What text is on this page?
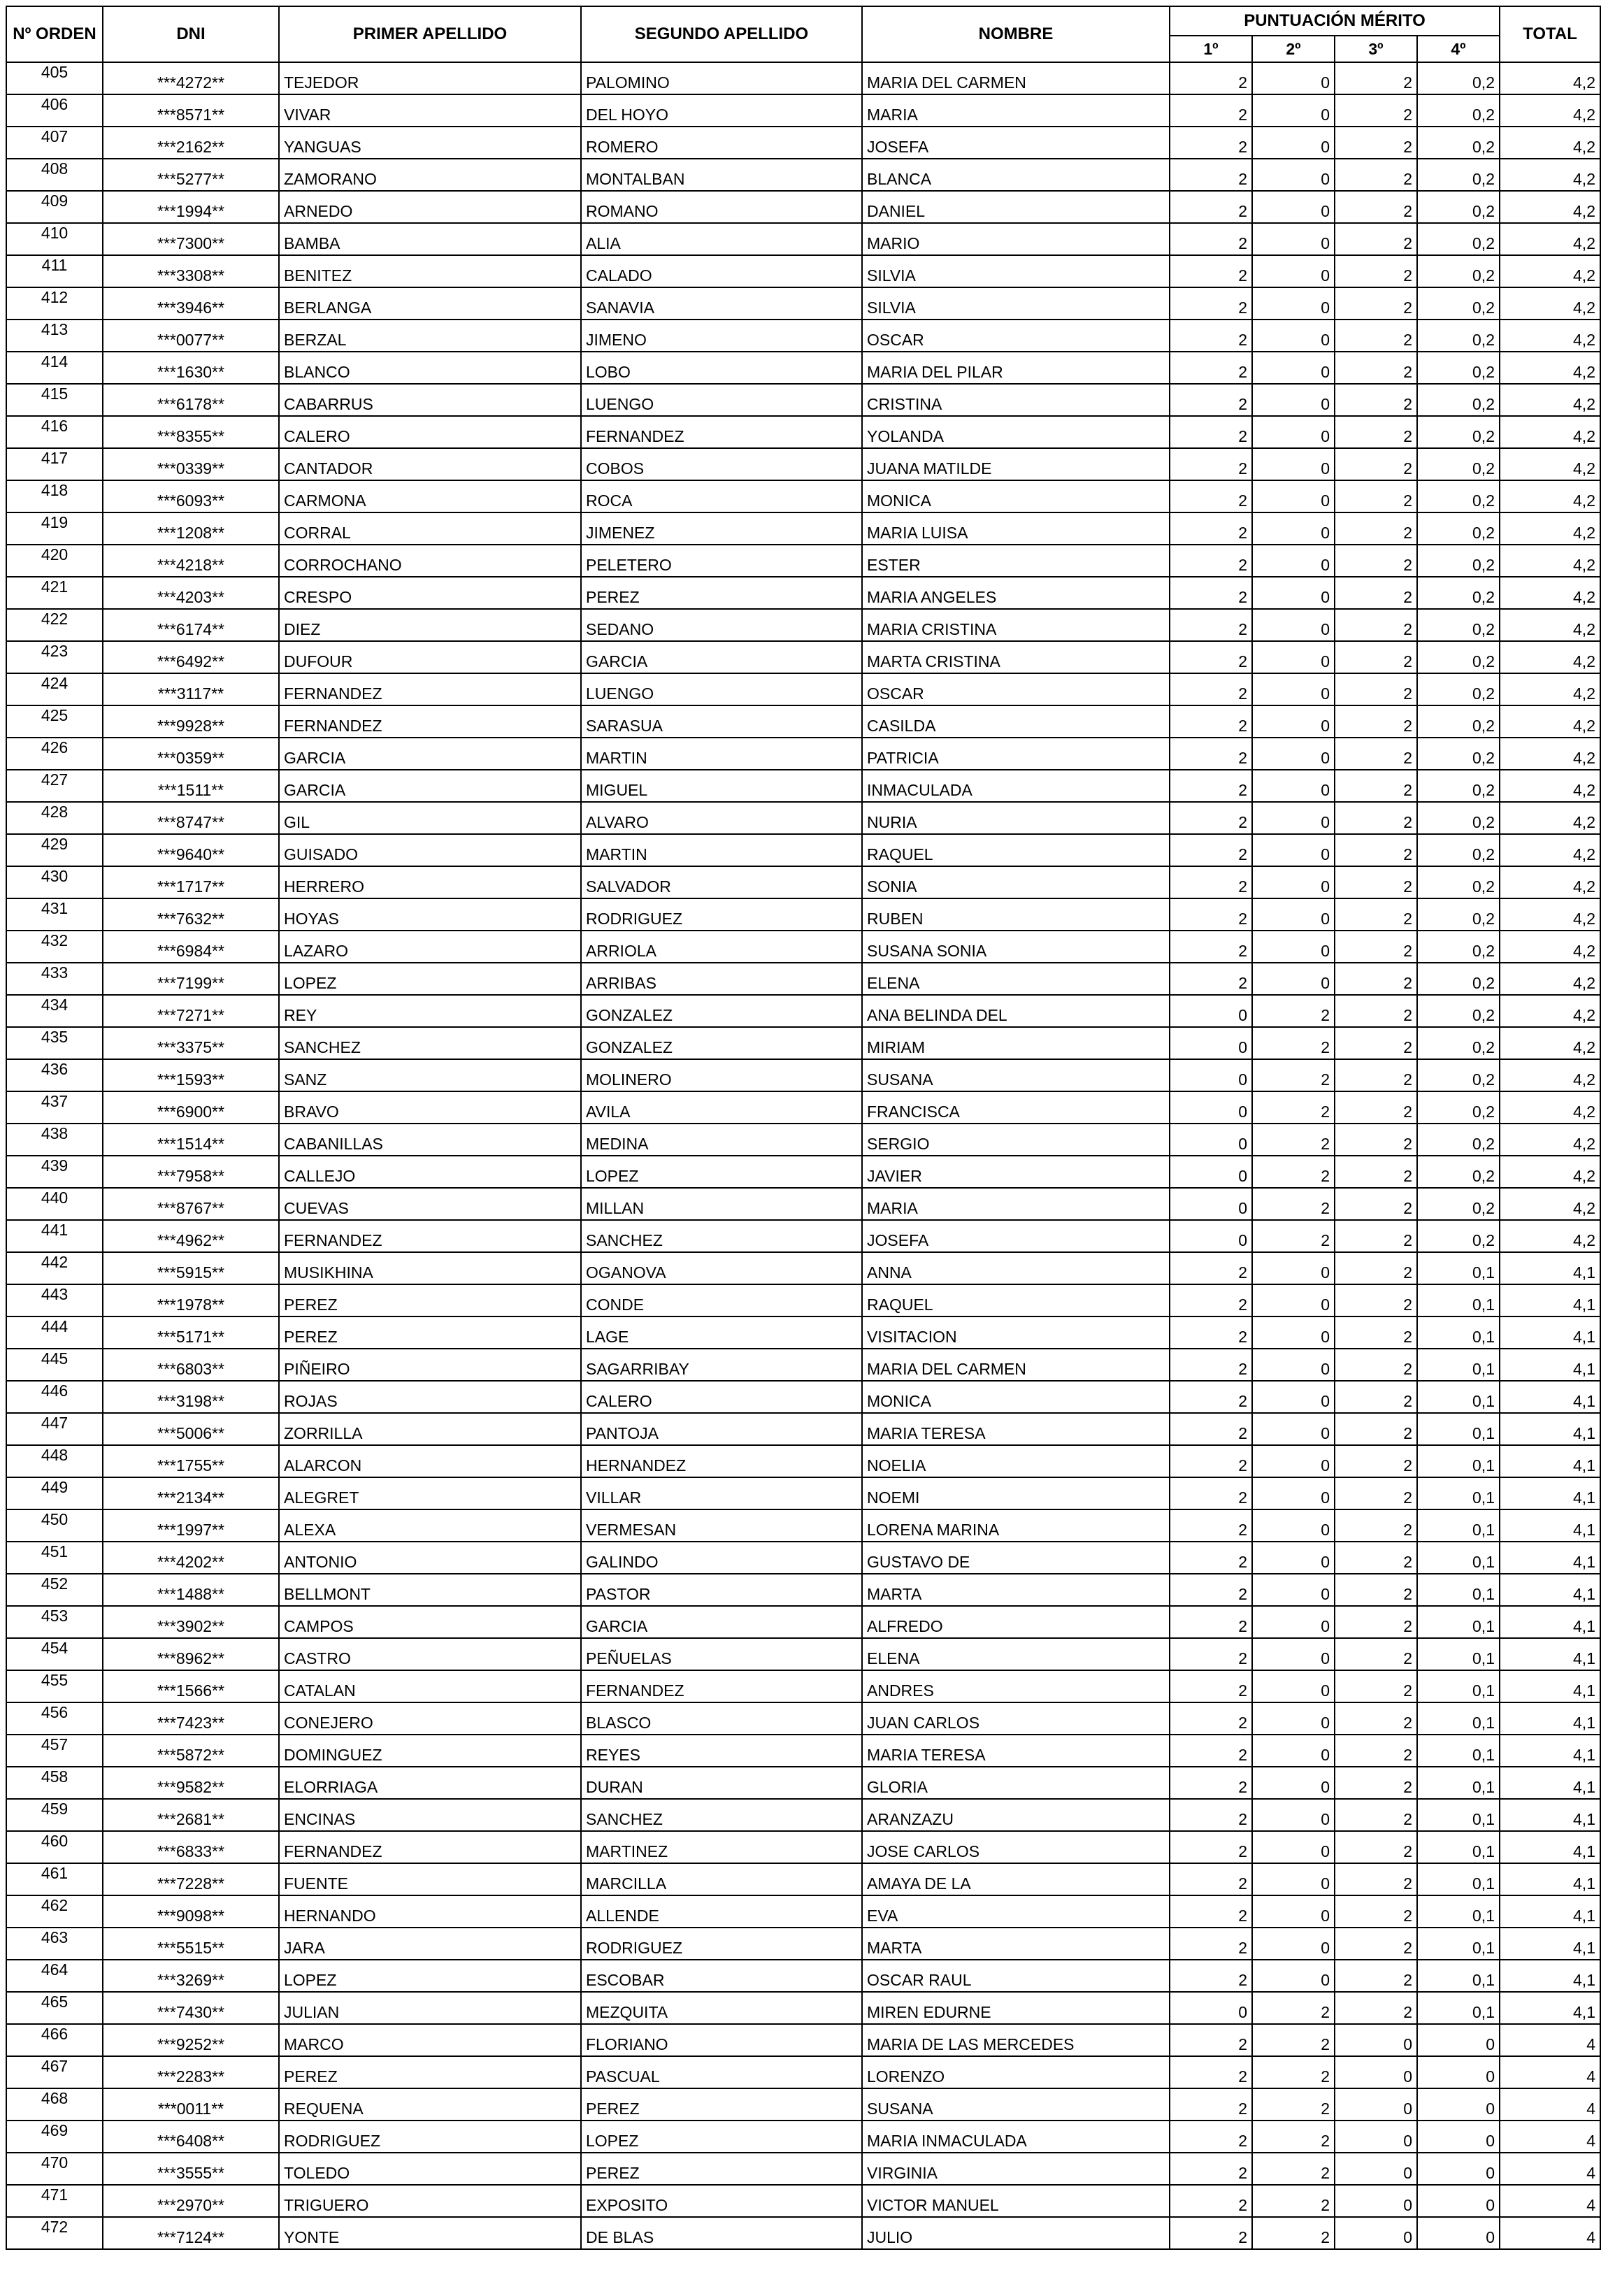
Nº ORDEN	DNI	PRIMER APELLIDO	SEGUNDO APELLIDO	NOMBRE	PUNTUACIÓN MÉRITO				TOTAL
					1º	2º	3º	4º	
405	***4272**	TEJEDOR	PALOMINO	MARIA DEL CARMEN	2	0	2	0,2	4,2
406	***8571**	VIVAR	DEL HOYO	MARIA	2	0	2	0,2	4,2
407	***2162**	YANGUAS	ROMERO	JOSEFA	2	0	2	0,2	4,2
408	***5277**	ZAMORANO	MONTALBAN	BLANCA	2	0	2	0,2	4,2
409	***1994**	ARNEDO	ROMANO	DANIEL	2	0	2	0,2	4,2
410	***7300**	BAMBA	ALIA	MARIO	2	0	2	0,2	4,2
411	***3308**	BENITEZ	CALADO	SILVIA	2	0	2	0,2	4,2
412	***3946**	BERLANGA	SANAVIA	SILVIA	2	0	2	0,2	4,2
413	***0077**	BERZAL	JIMENO	OSCAR	2	0	2	0,2	4,2
414	***1630**	BLANCO	LOBO	MARIA DEL PILAR	2	0	2	0,2	4,2
415	***6178**	CABARRUS	LUENGO	CRISTINA	2	0	2	0,2	4,2
416	***8355**	CALERO	FERNANDEZ	YOLANDA	2	0	2	0,2	4,2
417	***0339**	CANTADOR	COBOS	JUANA MATILDE	2	0	2	0,2	4,2
418	***6093**	CARMONA	ROCA	MONICA	2	0	2	0,2	4,2
419	***1208**	CORRAL	JIMENEZ	MARIA LUISA	2	0	2	0,2	4,2
420	***4218**	CORROCHANO	PELETERO	ESTER	2	0	2	0,2	4,2
421	***4203**	CRESPO	PEREZ	MARIA ANGELES	2	0	2	0,2	4,2
422	***6174**	DIEZ	SEDANO	MARIA CRISTINA	2	0	2	0,2	4,2
423	***6492**	DUFOUR	GARCIA	MARTA CRISTINA	2	0	2	0,2	4,2
424	***3117**	FERNANDEZ	LUENGO	OSCAR	2	0	2	0,2	4,2
425	***9928**	FERNANDEZ	SARASUA	CASILDA	2	0	2	0,2	4,2
426	***0359**	GARCIA	MARTIN	PATRICIA	2	0	2	0,2	4,2
427	***1511**	GARCIA	MIGUEL	INMACULADA	2	0	2	0,2	4,2
428	***8747**	GIL	ALVARO	NURIA	2	0	2	0,2	4,2
429	***9640**	GUISADO	MARTIN	RAQUEL	2	0	2	0,2	4,2
430	***1717**	HERRERO	SALVADOR	SONIA	2	0	2	0,2	4,2
431	***7632**	HOYAS	RODRIGUEZ	RUBEN	2	0	2	0,2	4,2
432	***6984**	LAZARO	ARRIOLA	SUSANA SONIA	2	0	2	0,2	4,2
433	***7199**	LOPEZ	ARRIBAS	ELENA	2	0	2	0,2	4,2
434	***7271**	REY	GONZALEZ	ANA BELINDA DEL	0	2	2	0,2	4,2
435	***3375**	SANCHEZ	GONZALEZ	MIRIAM	0	2	2	0,2	4,2
436	***1593**	SANZ	MOLINERO	SUSANA	0	2	2	0,2	4,2
437	***6900**	BRAVO	AVILA	FRANCISCA	0	2	2	0,2	4,2
438	***1514**	CABANILLAS	MEDINA	SERGIO	0	2	2	0,2	4,2
439	***7958**	CALLEJO	LOPEZ	JAVIER	0	2	2	0,2	4,2
440	***8767**	CUEVAS	MILLAN	MARIA	0	2	2	0,2	4,2
441	***4962**	FERNANDEZ	SANCHEZ	JOSEFA	0	2	2	0,2	4,2
442	***5915**	MUSIKHINA	OGANOVA	ANNA	2	0	2	0,1	4,1
443	***1978**	PEREZ	CONDE	RAQUEL	2	0	2	0,1	4,1
444	***5171**	PEREZ	LAGE	VISITACION	2	0	2	0,1	4,1
445	***6803**	PIÑEIRO	SAGARRIBAY	MARIA DEL CARMEN	2	0	2	0,1	4,1
446	***3198**	ROJAS	CALERO	MONICA	2	0	2	0,1	4,1
447	***5006**	ZORRILLA	PANTOJA	MARIA TERESA	2	0	2	0,1	4,1
448	***1755**	ALARCON	HERNANDEZ	NOELIA	2	0	2	0,1	4,1
449	***2134**	ALEGRET	VILLAR	NOEMI	2	0	2	0,1	4,1
450	***1997**	ALEXA	VERMESAN	LORENA MARINA	2	0	2	0,1	4,1
451	***4202**	ANTONIO	GALINDO	GUSTAVO DE	2	0	2	0,1	4,1
452	***1488**	BELLMONT	PASTOR	MARTA	2	0	2	0,1	4,1
453	***3902**	CAMPOS	GARCIA	ALFREDO	2	0	2	0,1	4,1
454	***8962**	CASTRO	PEÑUELAS	ELENA	2	0	2	0,1	4,1
455	***1566**	CATALAN	FERNANDEZ	ANDRES	2	0	2	0,1	4,1
456	***7423**	CONEJERO	BLASCO	JUAN CARLOS	2	0	2	0,1	4,1
457	***5872**	DOMINGUEZ	REYES	MARIA TERESA	2	0	2	0,1	4,1
458	***9582**	ELORRIAGA	DURAN	GLORIA	2	0	2	0,1	4,1
459	***2681**	ENCINAS	SANCHEZ	ARANZAZU	2	0	2	0,1	4,1
460	***6833**	FERNANDEZ	MARTINEZ	JOSE CARLOS	2	0	2	0,1	4,1
461	***7228**	FUENTE	MARCILLA	AMAYA DE LA	2	0	2	0,1	4,1
462	***9098**	HERNANDO	ALLENDE	EVA	2	0	2	0,1	4,1
463	***5515**	JARA	RODRIGUEZ	MARTA	2	0	2	0,1	4,1
464	***3269**	LOPEZ	ESCOBAR	OSCAR RAUL	2	0	2	0,1	4,1
465	***7430**	JULIAN	MEZQUITA	MIREN EDURNE	0	2	2	0,1	4,1
466	***9252**	MARCO	FLORIANO	MARIA DE LAS MERCEDES	2	2	0	0	4
467	***2283**	PEREZ	PASCUAL	LORENZO	2	2	0	0	4
468	***0011**	REQUENA	PEREZ	SUSANA	2	2	0	0	4
469	***6408**	RODRIGUEZ	LOPEZ	MARIA INMACULADA	2	2	0	0	4
470	***3555**	TOLEDO	PEREZ	VIRGINIA	2	2	0	0	4
471	***2970**	TRIGUERO	EXPOSITO	VICTOR MANUEL	2	2	0	0	4
472	***7124**	YONTE	DE BLAS	JULIO	2	2	0	0	4
